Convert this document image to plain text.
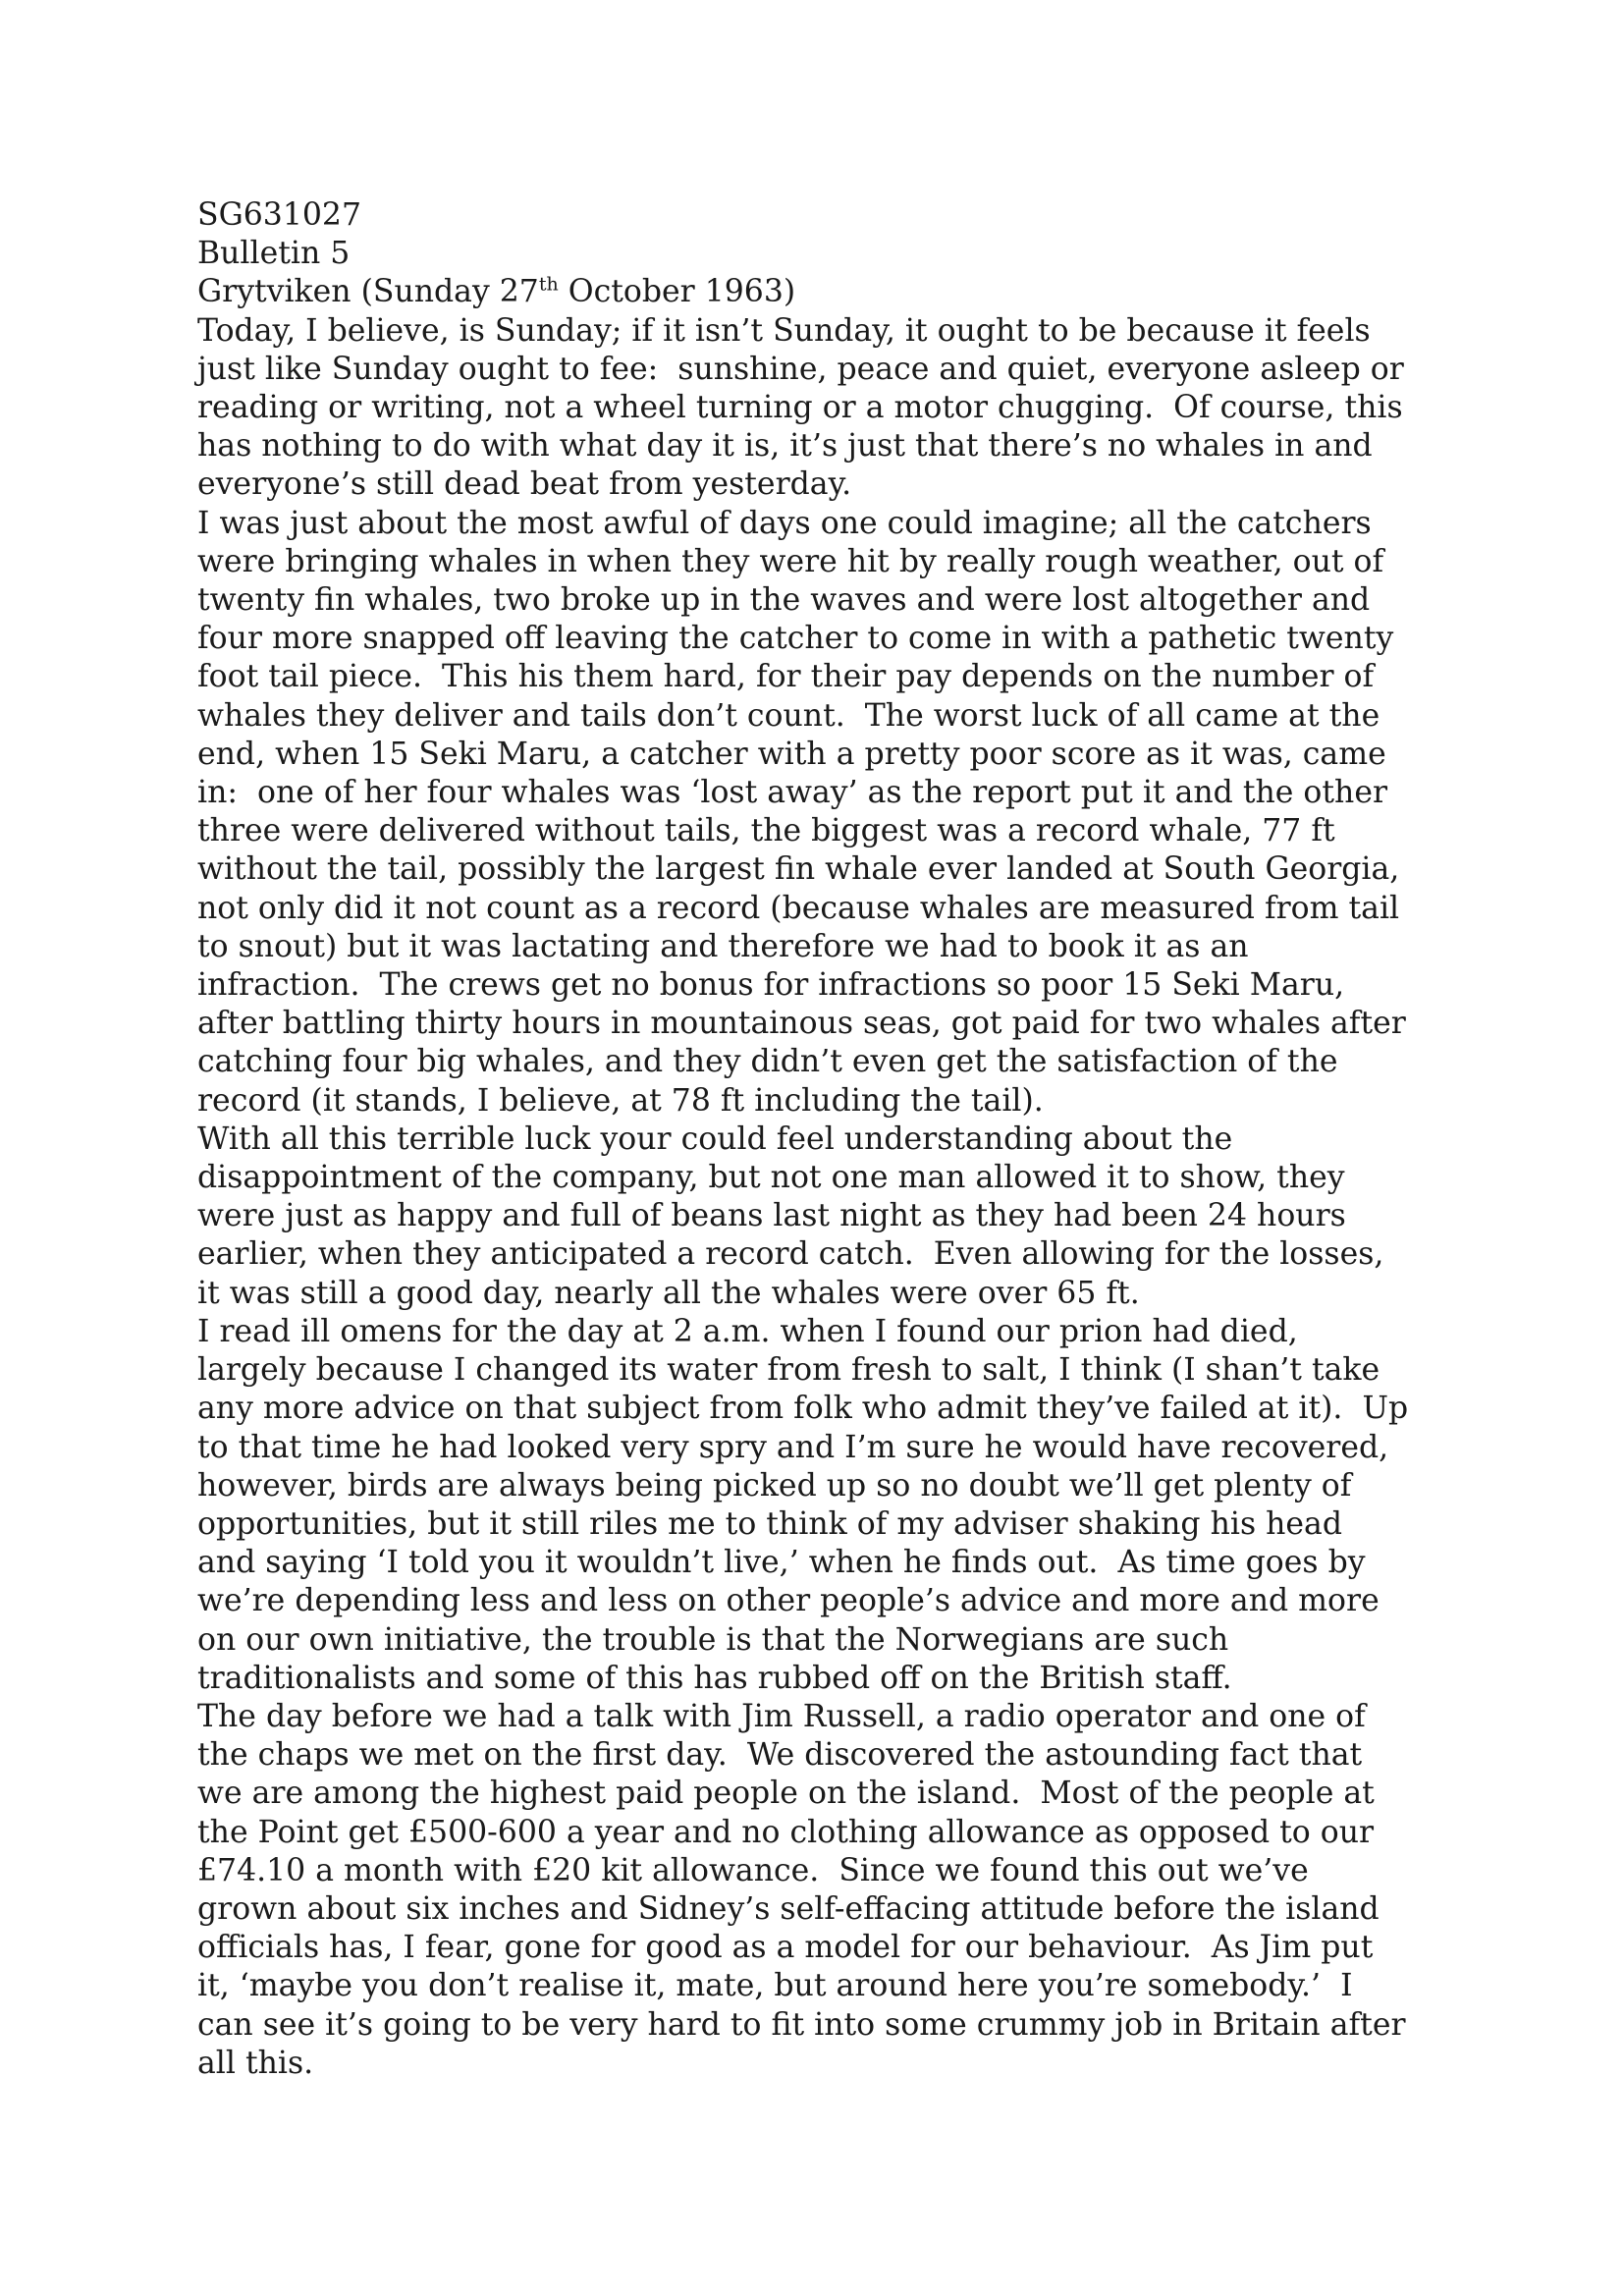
SG631027
Bulletin 5
Grytviken (Sunday 27th October 1963)
Today, I believe, is Sunday; if it isn’t Sunday, it ought to be because it feels
just like Sunday ought to fee:  sunshine, peace and quiet, everyone asleep or
reading or writing, not a wheel turning or a motor chugging.  Of course, this
has nothing to do with what day it is, it’s just that there’s no whales in and
everyone’s still dead beat from yesterday.
I was just about the most awful of days one could imagine; all the catchers
were bringing whales in when they were hit by really rough weather, out of
twenty fin whales, two broke up in the waves and were lost altogether and
four more snapped off leaving the catcher to come in with a pathetic twenty
foot tail piece.  This his them hard, for their pay depends on the number of
whales they deliver and tails don’t count.  The worst luck of all came at the
end, when 15 Seki Maru, a catcher with a pretty poor score as it was, came
in:  one of her four whales was ‘lost away’ as the report put it and the other
three were delivered without tails, the biggest was a record whale, 77 ft
without the tail, possibly the largest fin whale ever landed at South Georgia,
not only did it not count as a record (because whales are measured from tail
to snout) but it was lactating and therefore we had to book it as an
infraction.  The crews get no bonus for infractions so poor 15 Seki Maru,
after battling thirty hours in mountainous seas, got paid for two whales after
catching four big whales, and they didn’t even get the satisfaction of the
record (it stands, I believe, at 78 ft including the tail).
With all this terrible luck your could feel understanding about the
disappointment of the company, but not one man allowed it to show, they
were just as happy and full of beans last night as they had been 24 hours
earlier, when they anticipated a record catch.  Even allowing for the losses,
it was still a good day, nearly all the whales were over 65 ft.
I read ill omens for the day at 2 a.m. when I found our prion had died,
largely because I changed its water from fresh to salt, I think (I shan’t take
any more advice on that subject from folk who admit they’ve failed at it).  Up
to that time he had looked very spry and I’m sure he would have recovered,
however, birds are always being picked up so no doubt we’ll get plenty of
opportunities, but it still riles me to think of my adviser shaking his head
and saying ‘I told you it wouldn’t live,’ when he finds out.  As time goes by
we’re depending less and less on other people’s advice and more and more
on our own initiative, the trouble is that the Norwegians are such
traditionalists and some of this has rubbed off on the British staff.
The day before we had a talk with Jim Russell, a radio operator and one of
the chaps we met on the first day.  We discovered the astounding fact that
we are among the highest paid people on the island.  Most of the people at
the Point get £500-600 a year and no clothing allowance as opposed to our
£74.10 a month with £20 kit allowance.  Since we found this out we’ve
grown about six inches and Sidney’s self-effacing attitude before the island
officials has, I fear, gone for good as a model for our behaviour.  As Jim put
it, ‘maybe you don’t realise it, mate, but around here you’re somebody.’  I
can see it’s going to be very hard to fit into some crummy job in Britain after
all this.
